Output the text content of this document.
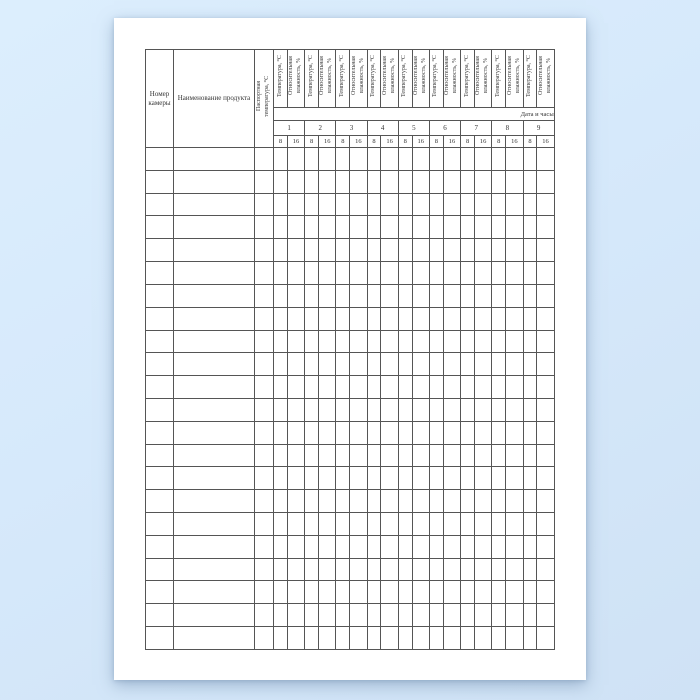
Номер камеры	Наименование продукта	Паспортная температура, °С	Температура, °С	Относительная влажность, %	Температура, °С	Относительная влажность, %	Температура, °С	Относительная влажность, %	Температура, °С	Относительная влажность, %	Температура, °С	Относительная влажность, %	Температура, °С	Относительная влажность, %	Температура, °С	Относительная влажность, %	Температура, °С	Относительная влажность, %	Температура, °С	Относительная влажность, %
			Дата и часы																	
			1		2		3		4		5		6		7		8		9	
			8	16	8	16	8	16	8	16	8	16	8	16	8	16	8	16	8	16
